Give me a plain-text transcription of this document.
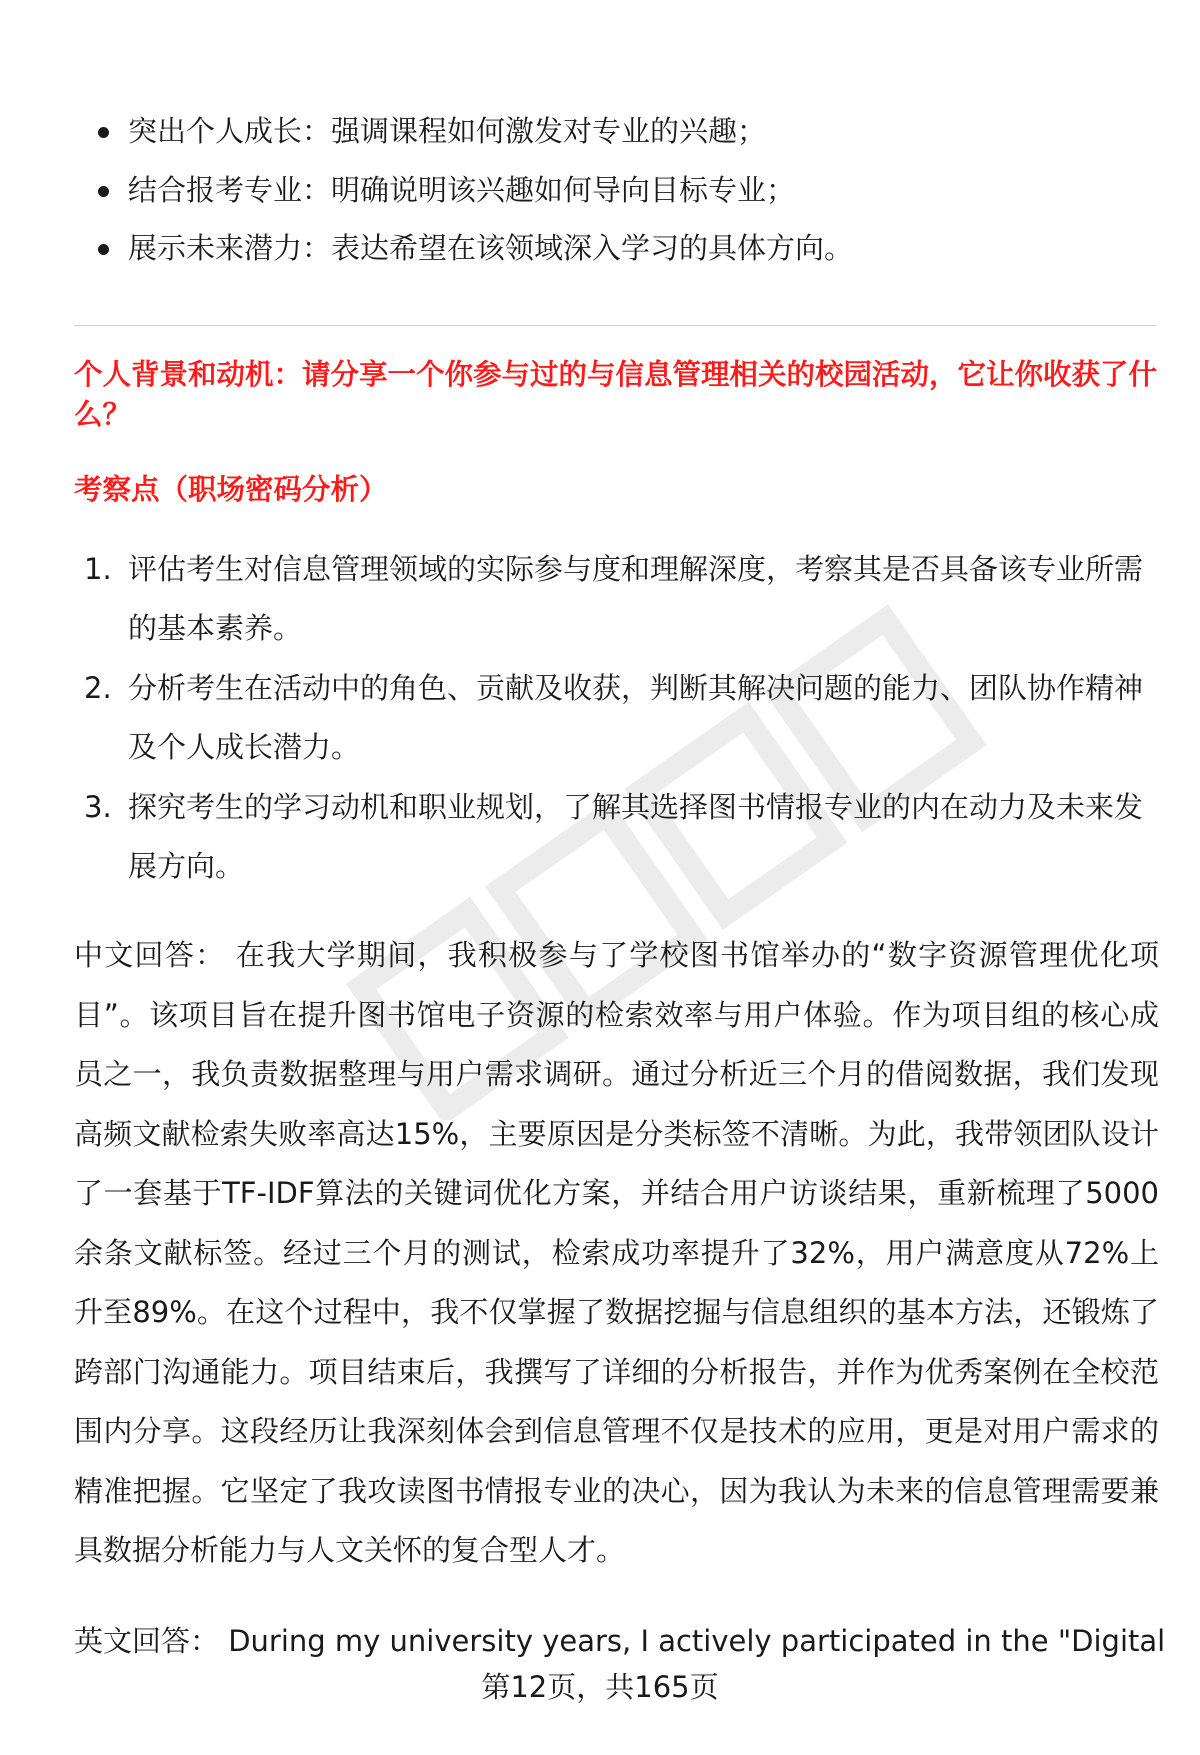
突出个人成长：强调课程如何激发对专业的兴趣；
结合报考专业：明确说明该兴趣如何导向目标专业；
展示未来潜力：表达希望在该领域深入学习的具体方向。
个人背景和动机：请分享一个你参与过的与信息管理相关的校园活动，它让你收获了什么？
考察点（职场密码分析）
1. 评估考生对信息管理领域的实际参与度和理解深度，考察其是否具备该专业所需的基本素养。
2. 分析考生在活动中的角色、贡献及收获，判断其解决问题的能力、团队协作精神及个人成长潜力。
3. 探究考生的学习动机和职业规划，了解其选择图书情报专业的内在动力及未来发展方向。
中文回答： 在我大学期间，我积极参与了学校图书馆举办的“数字资源管理优化项目”。该项目旨在提升图书馆电子资源的检索效率与用户体验。作为项目组的核心成员之一，我负责数据整理与用户需求调研。通过分析近三个月的借阅数据，我们发现高频文献检索失败率高达15%，主要原因是分类标签不清晰。为此，我带领团队设计了一套基于TF-IDF算法的关键词优化方案，并结合用户访谈结果，重新梳理了5000余条文献标签。经过三个月的测试，检索成功率提升了32%，用户满意度从72%上升至89%。在这个过程中，我不仅掌握了数据挖掘与信息组织的基本方法，还锻炼了跨部门沟通能力。项目结束后，我撰写了详细的分析报告，并作为优秀案例在全校范围内分享。这段经历让我深刻体会到信息管理不仅是技术的应用，更是对用户需求的精准把握。它坚定了我攻读图书情报专业的决心，因为我认为未来的信息管理需要兼具数据分析能力与人文关怀的复合型人才。
英文回答： During my university years, I actively participated in the "Digital
第12页，共165页
